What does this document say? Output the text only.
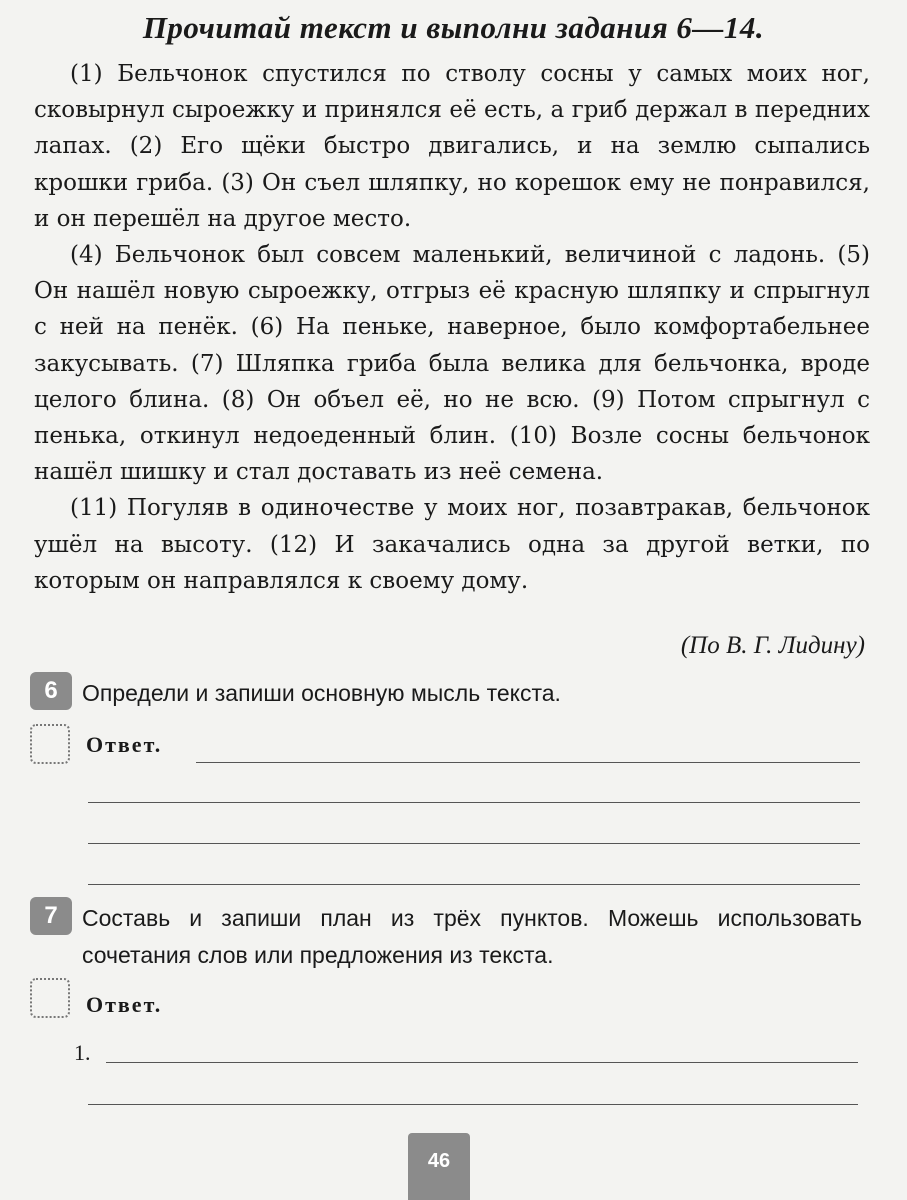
Прочитай текст и выполни задания 6—14.

(1) Бельчонок спустился по стволу сосны у самых моих ног, сковырнул сыроежку и принялся её есть, а гриб держал в передних лапах. (2) Его щёки быстро двигались, и на землю сыпались крошки гриба. (3) Он съел шляпку, но корешок ему не понравился, и он перешёл на другое место.

(4) Бельчонок был совсем маленький, величиной с ладонь. (5) Он нашёл новую сыроежку, отгрыз её красную шляпку и спрыгнул с ней на пенёк. (6) На пеньке, наверное, было комфортабельнее закусывать. (7) Шляпка гриба была велика для бельчонка, вроде целого блина. (8) Он объел её, но не всю. (9) Потом спрыгнул с пенька, откинул недоеденный блин. (10) Возле сосны бельчонок нашёл шишку и стал доставать из неё семена.

(11) Погуляв в одиночестве у моих ног, позавтракав, бельчонок ушёл на высоту. (12) И закачались одна за другой ветки, по которым он направлялся к своему дому.

(По В. Г. Лидину)
6	Определи и запиши основную мысль текста.
Ответ.
7	Составь и запиши план из трёх пунктов. Можешь использовать сочетания слов или предложения из текста.
Ответ.
1.
46
